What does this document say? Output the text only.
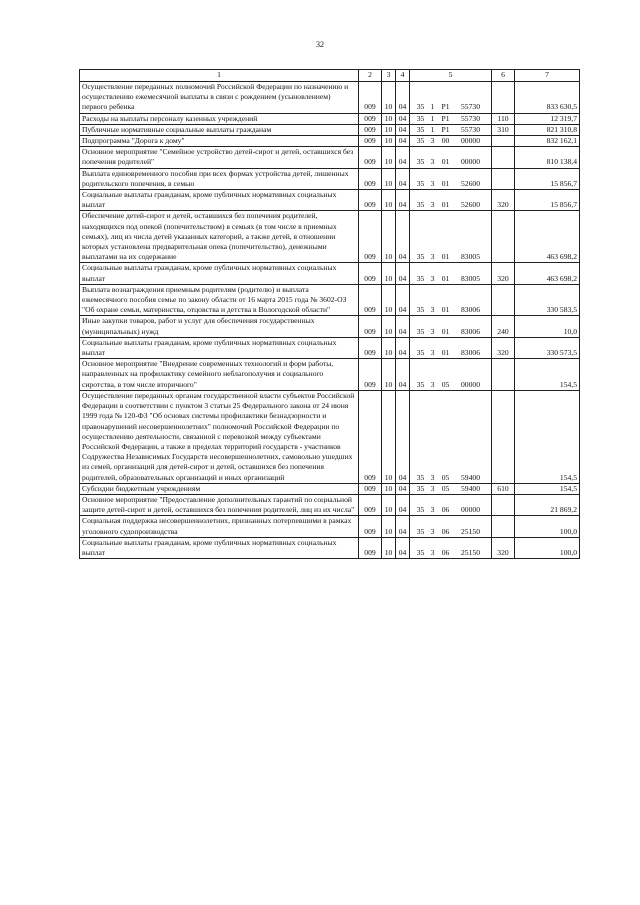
32
1	2	3	4	5	6	7
Осуществление переданных полномочий Российской Федерации по назначению и осуществлению ежемесячной выплаты в связи с рождением (усыновлением) первого ребенка	009	10	04	35 1 P1 55730		833 630,5
Расходы на выплаты персоналу казенных учреждений	009	10	04	35 1 P1 55730	110	12 319,7
Публичные нормативные социальные выплаты гражданам	009	10	04	35 1 P1 55730	310	821 310,8
Подпрограмма "Дорога к дому"	009	10	04	35 3 00 00000		832 162,1
Основное мероприятие "Семейное устройство детей-сирот и детей, оставшихся без попечения родителей"	009	10	04	35 3 01 00000		810 138,4
Выплата единовременного пособия при всех формах устройства детей, лишенных родительского попечения, в семью	009	10	04	35 3 01 52600		15 856,7
Социальные выплаты гражданам, кроме публичных нормативных социальных выплат	009	10	04	35 3 01 52600	320	15 856,7
Обеспечение детей-сирот и детей, оставшихся без попечения родителей, находящихся под опекой (попечительством) в семьях (в том числе в приемных семьях), лиц из числа детей указанных категорий, а также детей, в отношении которых установлена предварительная опека (попечительство), денежными выплатами на их содержание	009	10	04	35 3 01 83005		463 698,2
Социальные выплаты гражданам, кроме публичных нормативных социальных выплат	009	10	04	35 3 01 83005	320	463 698,2
Выплата вознаграждения приемным родителям (родителю) и выплата ежемесячного пособия семье по закону области от 16 марта 2015 года № 3602-ОЗ "Об охране семьи, материнства, отцовства и детства в Вологодской области"	009	10	04	35 3 01 83006		330 583,5
Иные закупки товаров, работ и услуг для обеспечения государственных (муниципальных) нужд	009	10	04	35 3 01 83006	240	10,0
Социальные выплаты гражданам, кроме публичных нормативных социальных выплат	009	10	04	35 3 01 83006	320	330 573,5
Основное мероприятие "Внедрение современных технологий и форм работы, направленных на профилактику семейного неблагополучия и социального сиротства, в том числе вторичного"	009	10	04	35 3 05 00000		154,5
Осуществление переданных органам государственной власти субъектов Российской Федерации в соответствии с пунктом 3 статьи 25 Федерального закона от 24 июня 1999 года № 120-ФЗ "Об основах системы профилактики безнадзорности и правонарушений несовершеннолетних" полномочий Российской Федерации по осуществлению деятельности, связанной с перевозкой между субъектами Российской Федерации, а также в пределах территорий государств - участников Содружества Независимых Государств несовершеннолетних, самовольно ушедших из семей, организаций для детей-сирот и детей, оставшихся без попечения родителей, образовательных организаций и иных организаций	009	10	04	35 3 05 59400		154,5
Субсидии бюджетным учреждениям	009	10	04	35 3 05 59400	610	154,5
Основное мероприятие "Предоставление дополнительных гарантий по социальной защите детей-сирот и детей, оставшихся без попечения родителей, лиц из их числа"	009	10	04	35 3 06 00000		21 869,2
Социальная поддержка несовершеннолетних, признанных потерпевшими в рамках уголовного судопроизводства	009	10	04	35 3 06 25150		100,0
Социальные выплаты гражданам, кроме публичных нормативных социальных выплат	009	10	04	35 3 06 25150	320	100,0
